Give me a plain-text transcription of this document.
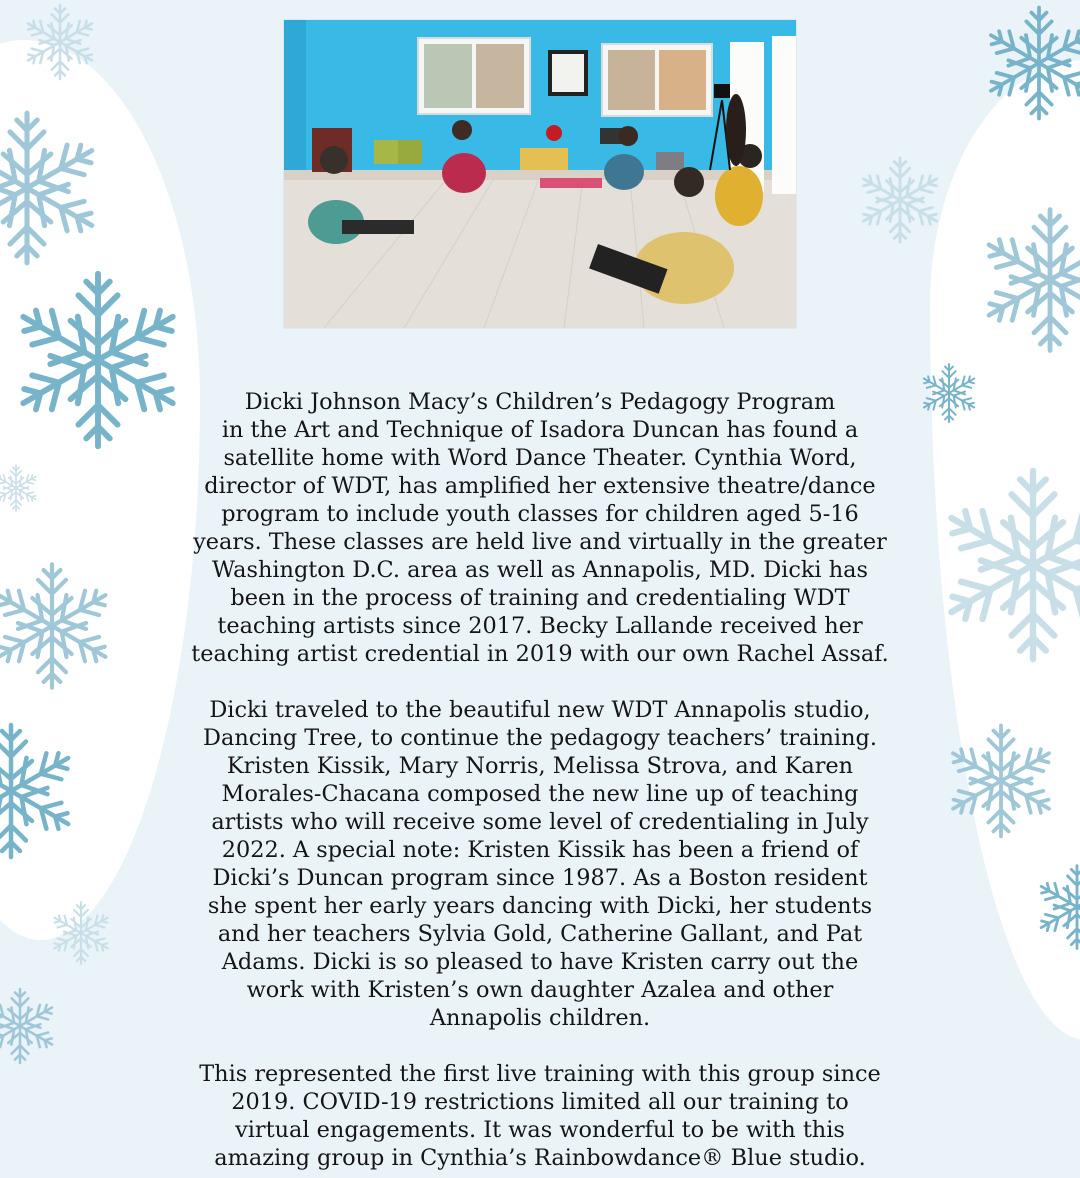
Dicki Johnson Macy’s Children’s Pedagogy Program
in the Art and Technique of Isadora Duncan has found a
satellite home with Word Dance Theater. Cynthia Word,
director of WDT, has amplified her extensive theatre/dance
program to include youth classes for children aged 5-16
years. These classes are held live and virtually in the greater
Washington D.C. area as well as Annapolis, MD. Dicki has
been in the process of training and credentialing WDT
teaching artists since 2017. Becky Lallande received her
teaching artist credential in 2019 with our own Rachel Assaf.

Dicki traveled to the beautiful new WDT Annapolis studio,
Dancing Tree, to continue the pedagogy teachers’ training.
Kristen Kissik, Mary Norris, Melissa Strova, and Karen
Morales-Chacana composed the new line up of teaching
artists who will receive some level of credentialing in July
2022. A special note: Kristen Kissik has been a friend of
Dicki’s Duncan program since 1987. As a Boston resident
she spent her early years dancing with Dicki, her students
and her teachers Sylvia Gold, Catherine Gallant, and Pat
Adams. Dicki is so pleased to have Kristen carry out the
work with Kristen’s own daughter Azalea and other
Annapolis children.

This represented the first live training with this group since
2019. COVID-19 restrictions limited all our training to
virtual engagements. It was wonderful to be with this
amazing group in Cynthia’s Rainbowdance® Blue studio.
